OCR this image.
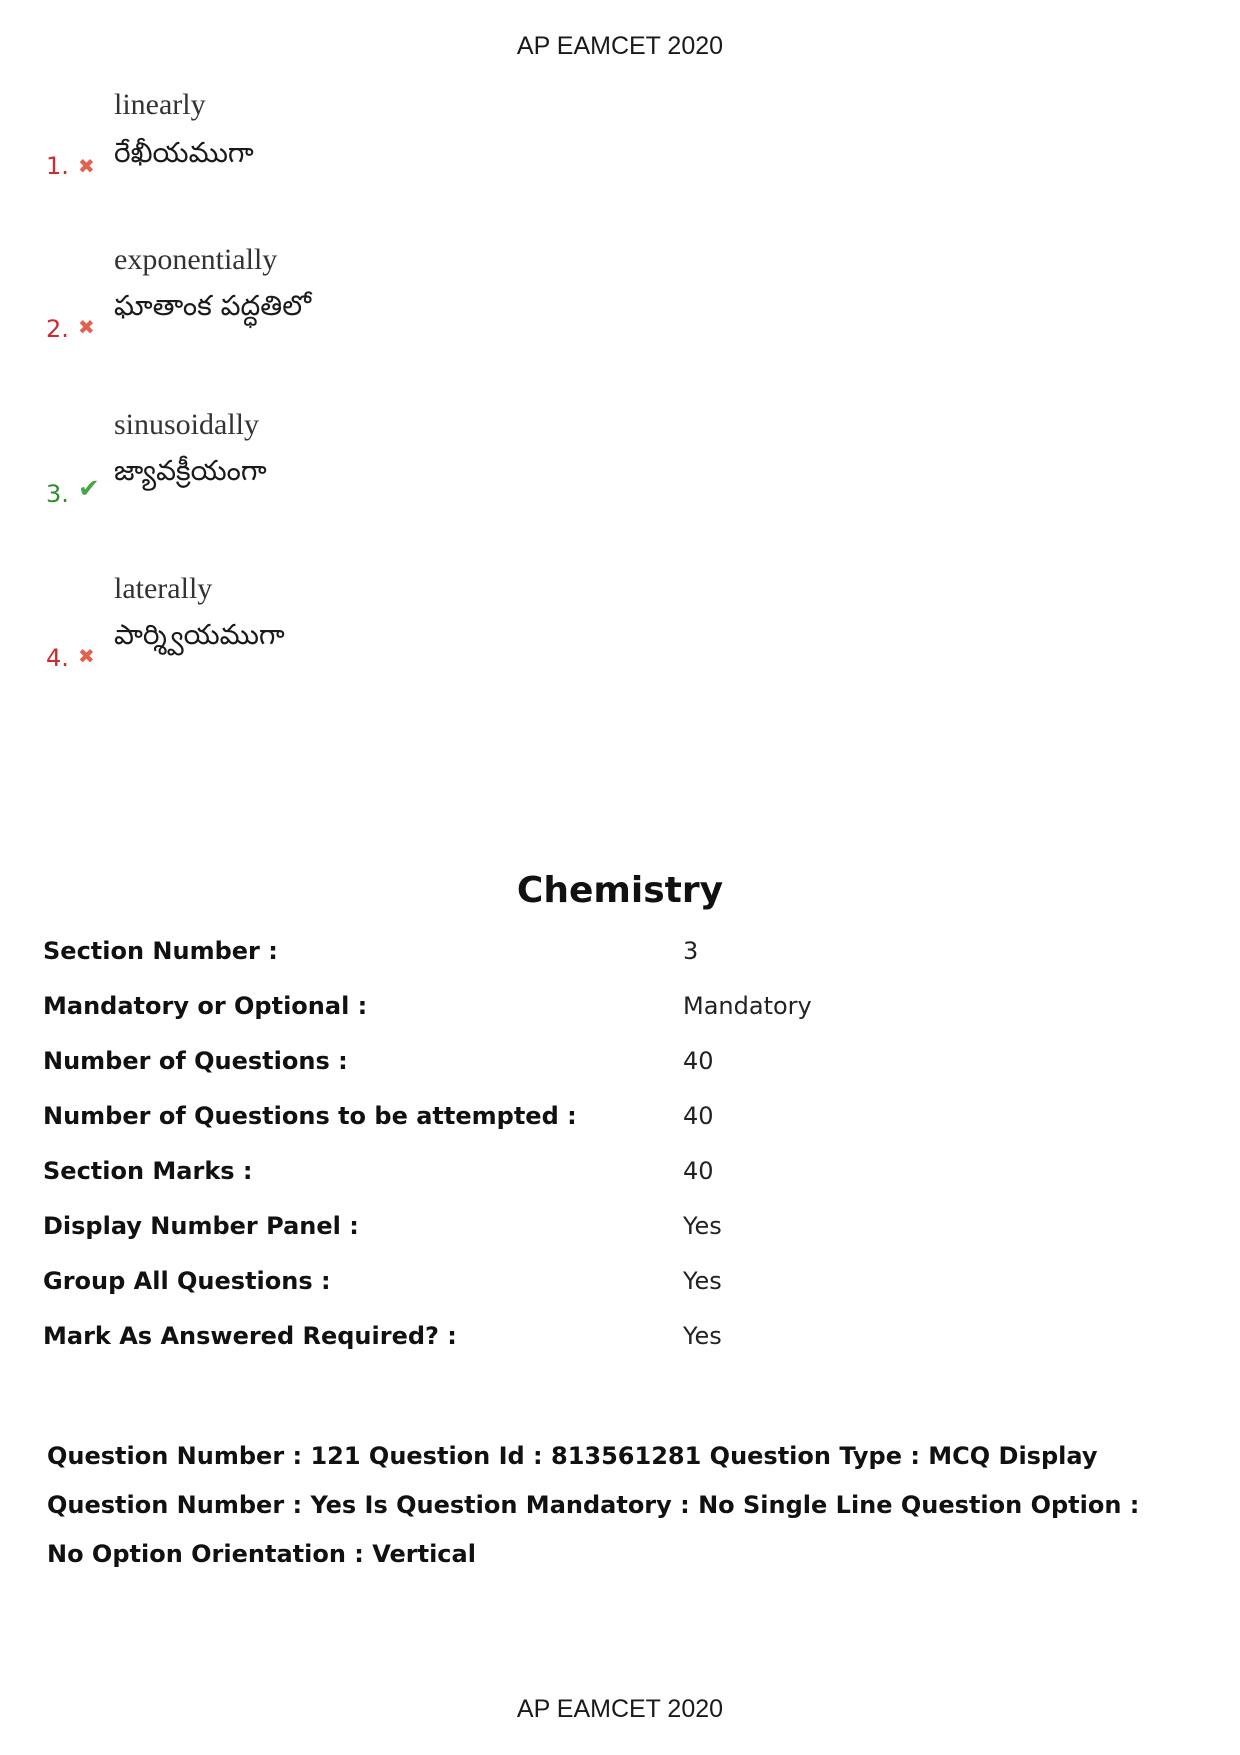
AP EAMCET 2020
linearly
రేఖీయముగా
1. ✖
exponentially
ఘాతాంక పద్ధతిలో
2. ✖
sinusoidally
జ్యావక్రీయంగా
3. ✔
laterally
పార్శ్వియముగా
4. ✖
Chemistry
Section Number :	3
Mandatory or Optional :	Mandatory
Number of Questions :	40
Number of Questions to be attempted :	40
Section Marks :	40
Display Number Panel :	Yes
Group All Questions :	Yes
Mark As Answered Required? :	Yes
Question Number : 121 Question Id : 813561281 Question Type : MCQ Display Question Number : Yes Is Question Mandatory : No Single Line Question Option : No Option Orientation : Vertical
AP EAMCET 2020
